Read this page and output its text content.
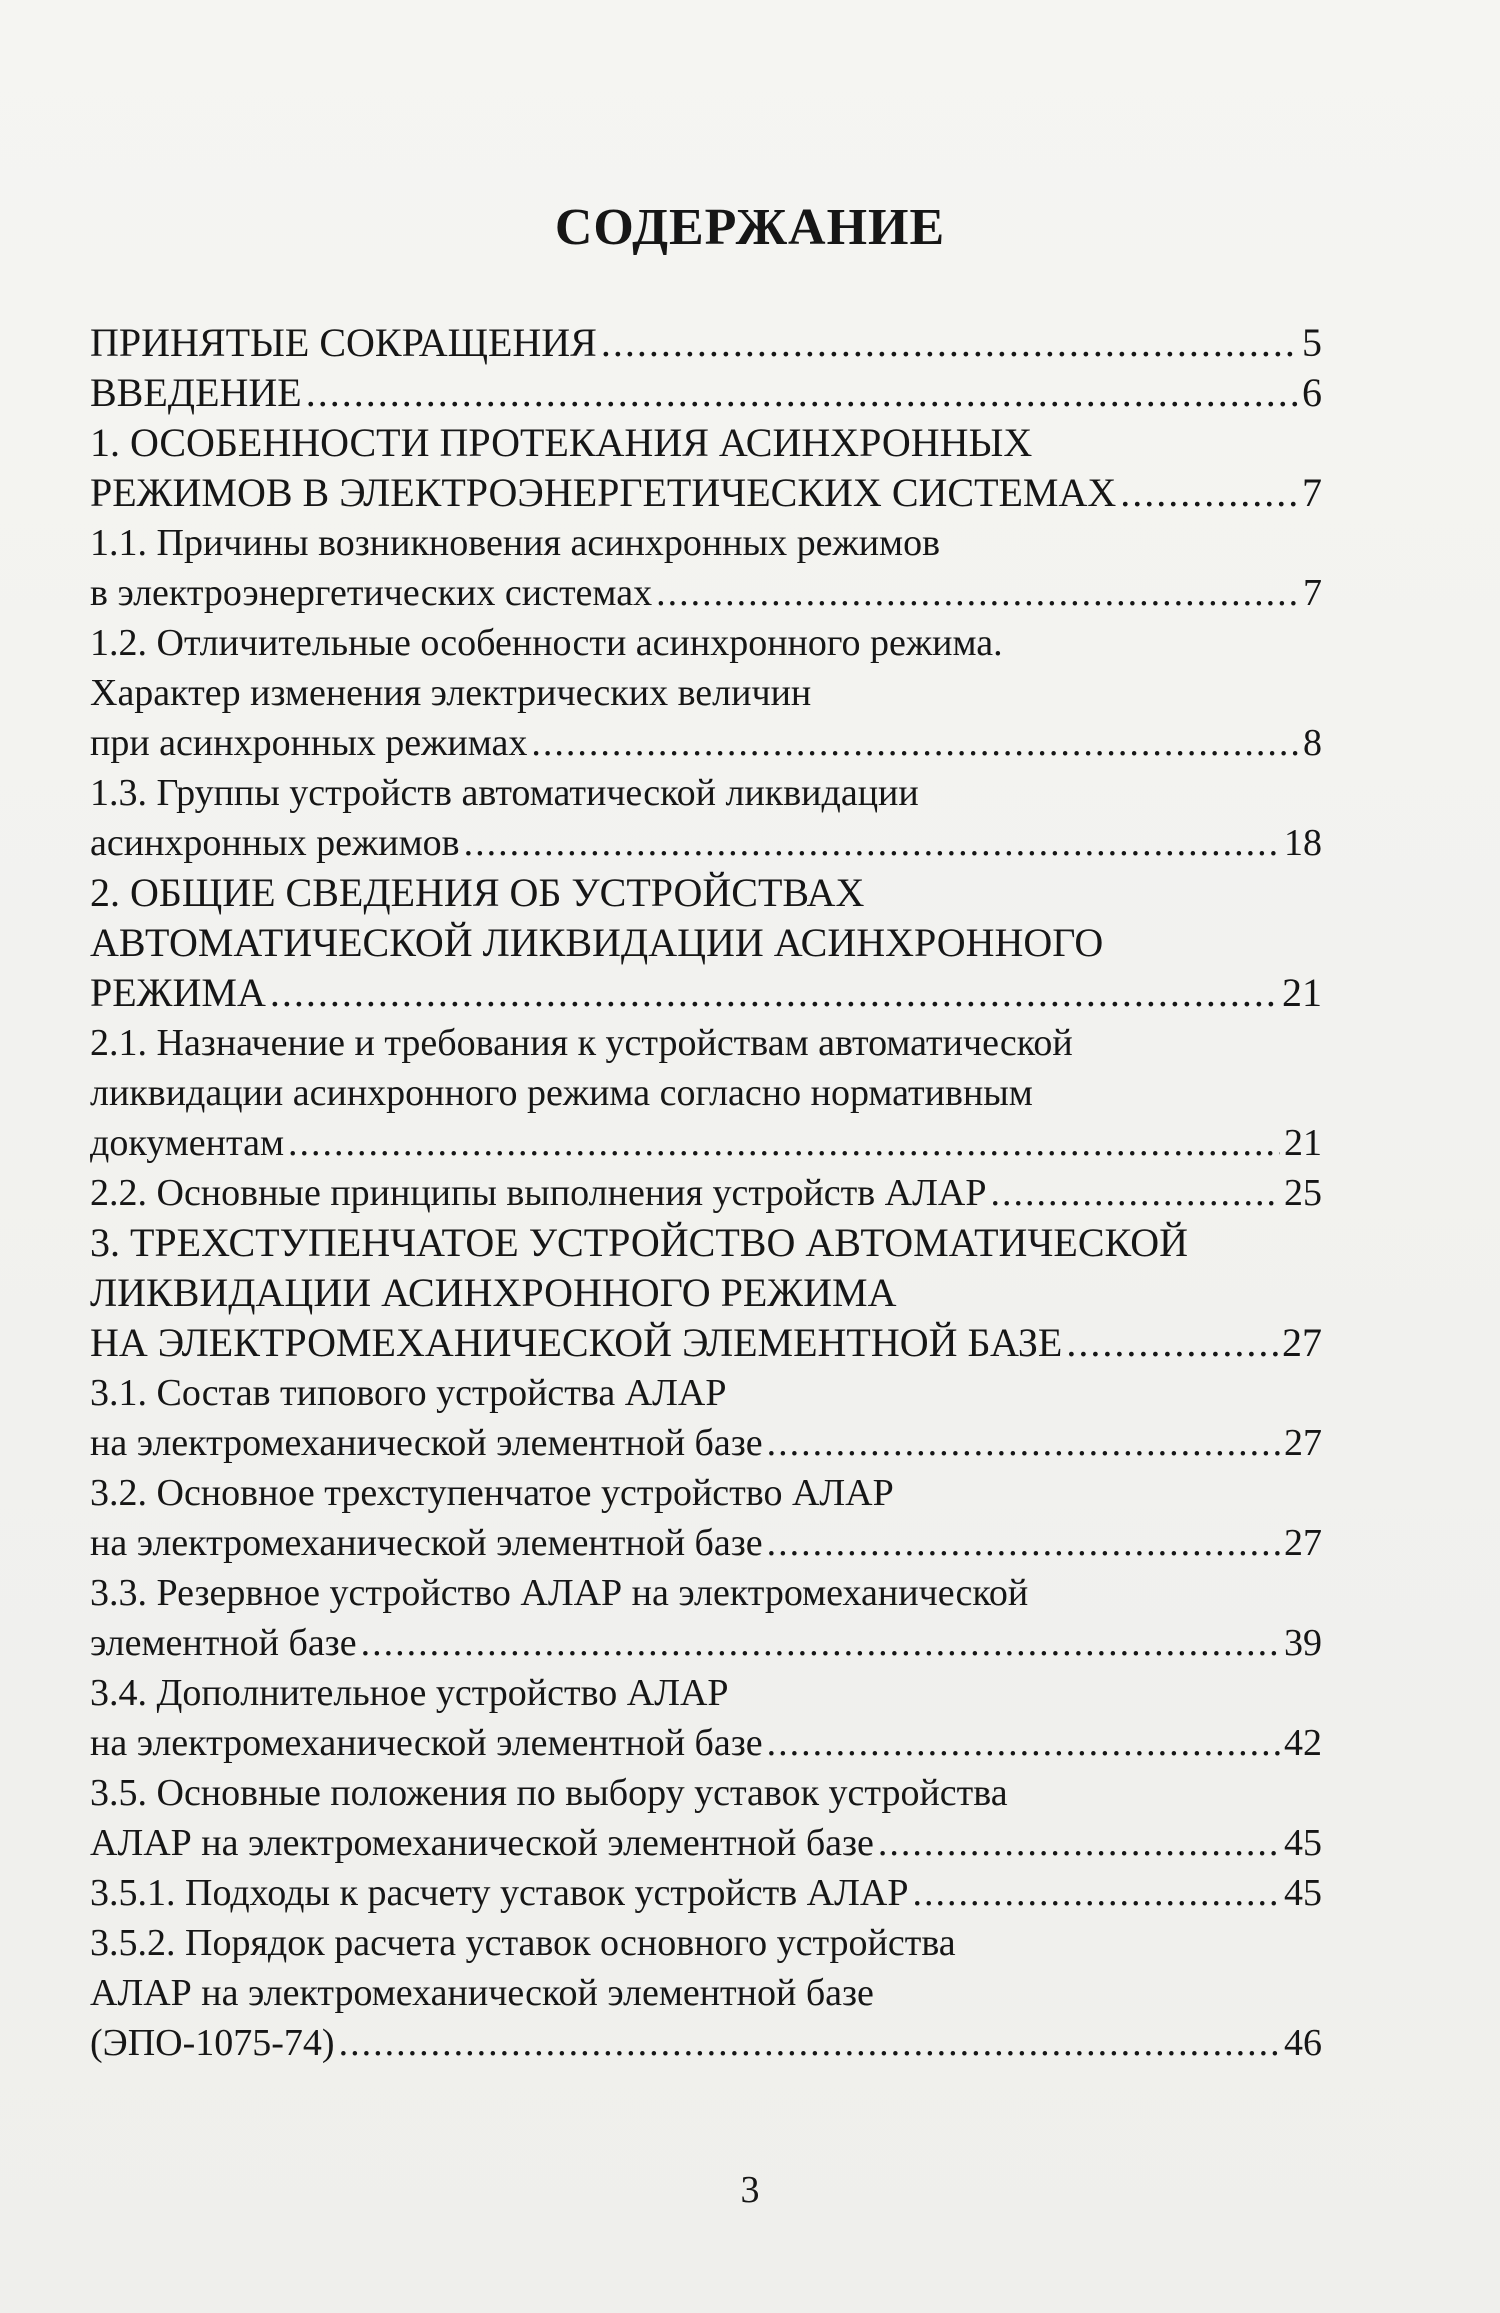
СОДЕРЖАНИЕ
ПРИНЯТЫЕ СОКРАЩЕНИЯ .....	5
ВВЕДЕНИЕ .....	6
1. ОСОБЕННОСТИ ПРОТЕКАНИЯ АСИНХРОННЫХ
РЕЖИМОВ В ЭЛЕКТРОЭНЕРГЕТИЧЕСКИХ СИСТЕМАХ .....	7
1.1. Причины возникновения асинхронных режимов
в электроэнергетических системах .....	7
1.2. Отличительные особенности асинхронного режима.
Характер изменения электрических величин
при асинхронных режимах .....	8
1.3. Группы устройств автоматической ликвидации
асинхронных режимов .....	18
2. ОБЩИЕ СВЕДЕНИЯ ОБ УСТРОЙСТВАХ
АВТОМАТИЧЕСКОЙ ЛИКВИДАЦИИ АСИНХРОННОГО
РЕЖИМА .....	21
2.1. Назначение и требования к устройствам автоматической
ликвидации асинхронного режима согласно нормативным
документам .....	21
2.2. Основные принципы выполнения устройств АЛАР .....	25
3. ТРЕХСТУПЕНЧАТОЕ УСТРОЙСТВО АВТОМАТИЧЕСКОЙ
ЛИКВИДАЦИИ АСИНХРОННОГО РЕЖИМА
НА ЭЛЕКТРОМЕХАНИЧЕСКОЙ ЭЛЕМЕНТНОЙ БАЗЕ .....	27
3.1. Состав типового устройства АЛАР
на электромеханической элементной базе .....	27
3.2. Основное трехступенчатое устройство АЛАР
на электромеханической элементной базе .....	27
3.3. Резервное устройство АЛАР на электромеханической
элементной базе .....	39
3.4. Дополнительное устройство АЛАР
на электромеханической элементной базе .....	42
3.5. Основные положения по выбору уставок устройства
АЛАР на электромеханической элементной базе .....	45
3.5.1. Подходы к расчету уставок устройств АЛАР .....	45
3.5.2. Порядок расчета уставок основного устройства
АЛАР на электромеханической элементной базе
(ЭПО-1075-74) .....	46
3
